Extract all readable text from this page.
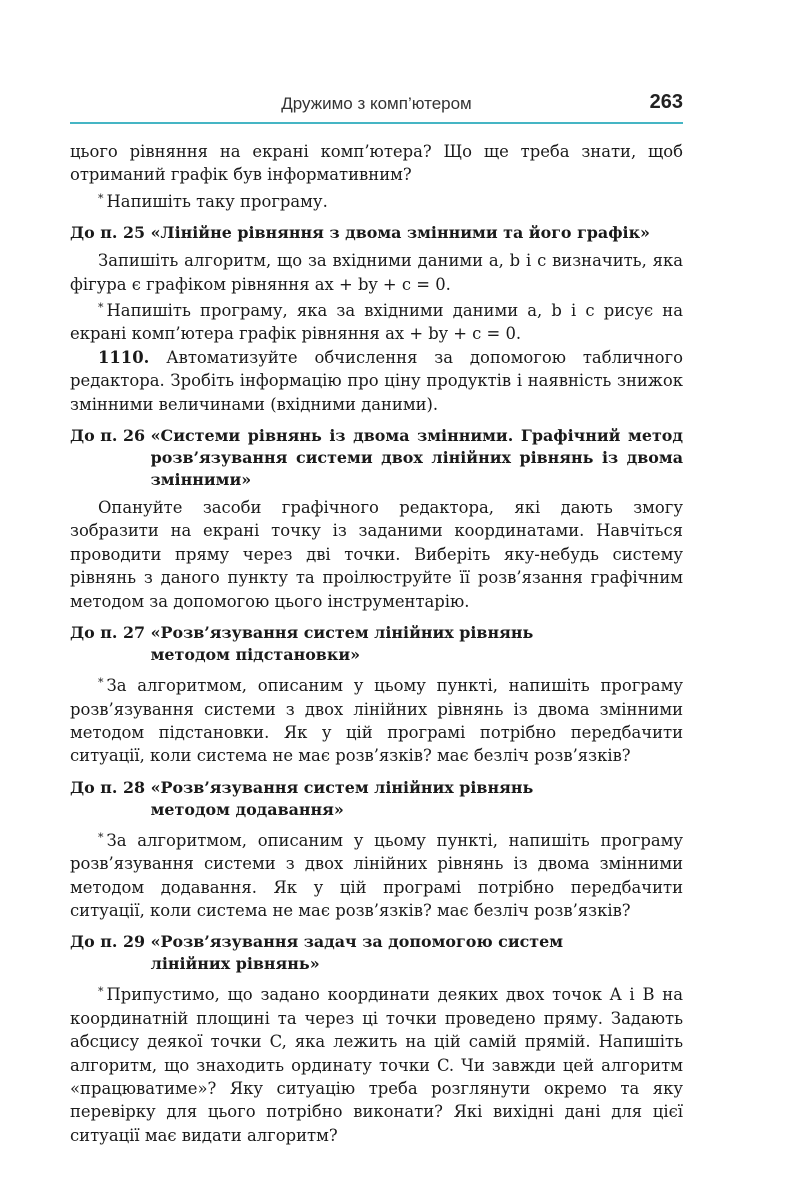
Дружимо з комп’ютером	263

цього рівняння на екрані комп’ютера? Що ще треба знати, щоб отриманий графік був інформативним?

* Напишіть таку програму.

До п. 25 «Лінійне рівняння з двома змінними та його графік»

Запишіть алгоритм, що за вхідними даними a, b і c визначить, яка фігура є графіком рівняння ax + by + c = 0.

* Напишіть програму, яка за вхідними даними a, b і c рисує на екрані комп’ютера графік рівняння ax + by + c = 0.

1110. Автоматизуйте обчислення за допомогою табличного редактора. Зробіть інформацію про ціну продуктів і наявність знижок змінними величинами (вхідними даними).

До п. 26 «Системи рівнянь із двома змінними. Графічний метод розв’язування системи двох лінійних рівнянь із двома змінними»

Опануйте засоби графічного редактора, які дають змогу зобразити на екрані точку із заданими координатами. Навчіться проводити пряму через дві точки. Виберіть яку-небудь систему рівнянь з даного пункту та проілюструйте її розв’язання графічним методом за допомогою цього інструментарію.

До п. 27 «Розв’язування систем лінійних рівнянь методом підстановки»

* За алгоритмом, описаним у цьому пункті, напишіть програму розв’язування системи з двох лінійних рівнянь із двома змінними методом підстановки. Як у цій програмі потрібно передбачити ситуації, коли система не має розв’язків? має безліч розв’язків?

До п. 28 «Розв’язування систем лінійних рівнянь методом додавання»

* За алгоритмом, описаним у цьому пункті, напишіть програму розв’язування системи з двох лінійних рівнянь із двома змінними методом додавання. Як у цій програмі потрібно передбачити ситуації, коли система не має розв’язків? має безліч розв’язків?

До п. 29 «Розв’язування задач за допомогою систем лінійних рівнянь»

* Припустимо, що задано координати деяких двох точок A і B на координатній площині та через ці точки проведено пряму. Задають абсцису деякої точки C, яка лежить на цій самій прямій. Напишіть алгоритм, що знаходить ординату точки C. Чи завжди цей алгоритм «працюватиме»? Яку ситуацію треба розглянути окремо та яку перевірку для цього потрібно виконати? Які вихідні дані для цієї ситуації має видати алгоритм?
